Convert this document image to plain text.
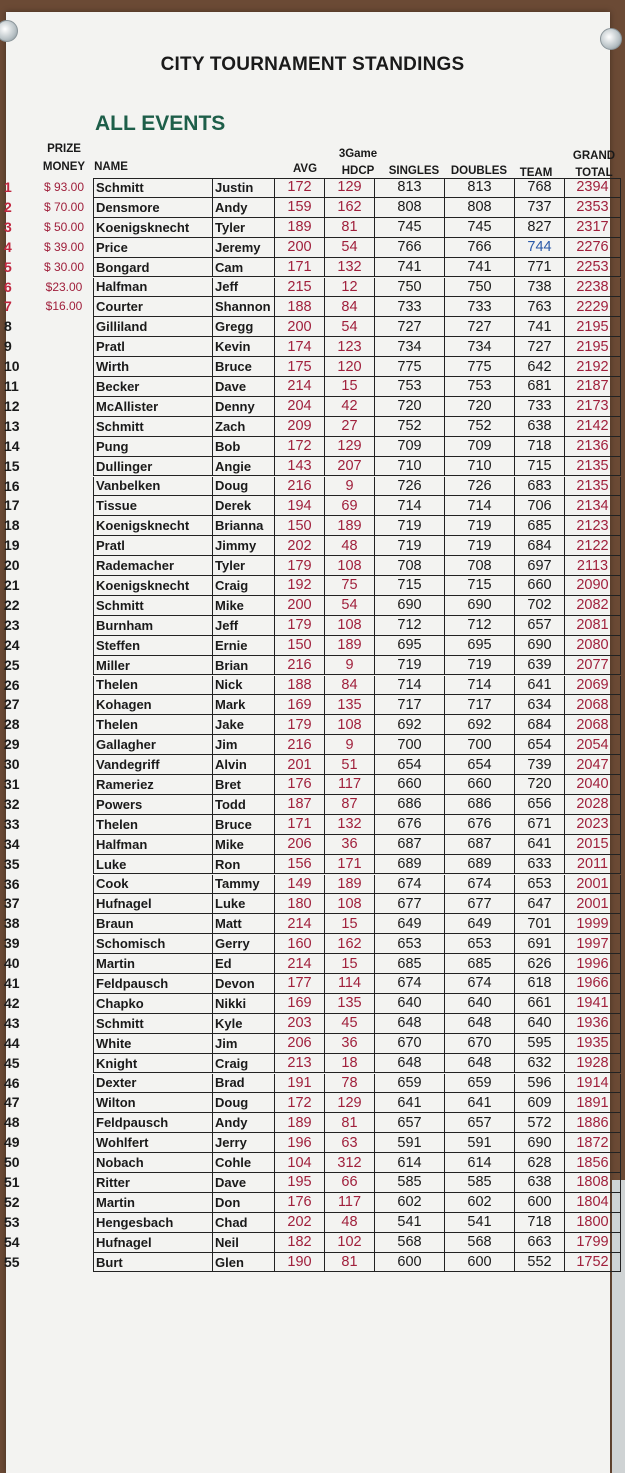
CITY TOURNAMENT STANDINGS
ALL EVENTS
PRIZE
MONEY NAME	AVG
3Game
HDCP	SINGLES	DOUBLES	TEAM
GRAND
TOTAL
1	$ 93.00 Schmitt	Justin	172	129	813	813	768	2394
2	$ 70.00 Densmore	Andy	159	162	808	808	737	2353
3	$ 50.00 Koenigsknecht	Tyler	189	81	745	745	827	2317
4	$ 39.00 Price	Jeremy	200	54	766	766	744	2276
5	$ 30.00 Bongard	Cam	171	132	741	741	771	2253
6	$23.00	Halfman	Jeff	215	12	750	750	738	2238
7	$16.00	Courter	Shannon	188	84	733	733	763	2229
8	Gilliland	Gregg	200	54	727	727	741	2195
9	Pratl	Kevin	174	123	734	734	727	2195
10	Wirth	Bruce	175	120	775	775	642	2192
11	Becker	Dave	214	15	753	753	681	2187
12	McAllister	Denny	204	42	720	720	733	2173
13	Schmitt	Zach	209	27	752	752	638	2142
14	Pung	Bob	172	129	709	709	718	2136
15	Dullinger	Angie	143	207	710	710	715	2135
16	Vanbelken	Doug	216	9	726	726	683	2135
17	Tissue	Derek	194	69	714	714	706	2134
18	Koenigsknecht	Brianna	150	189	719	719	685	2123
19	Pratl	Jimmy	202	48	719	719	684	2122
20	Rademacher	Tyler	179	108	708	708	697	2113
21	Koenigsknecht	Craig	192	75	715	715	660	2090
22	Schmitt	Mike	200	54	690	690	702	2082
23	Burnham	Jeff	179	108	712	712	657	2081
24	Steffen	Ernie	150	189	695	695	690	2080
25	Miller	Brian	216	9	719	719	639	2077
26	Thelen	Nick	188	84	714	714	641	2069
27	Kohagen	Mark	169	135	717	717	634	2068
28	Thelen	Jake	179	108	692	692	684	2068
29	Gallagher	Jim	216	9	700	700	654	2054
30	Vandegriff	Alvin	201	51	654	654	739	2047
31	Rameriez	Bret	176	117	660	660	720	2040
32	Powers	Todd	187	87	686	686	656	2028
33	Thelen	Bruce	171	132	676	676	671	2023
34	Halfman	Mike	206	36	687	687	641	2015
35	Luke	Ron	156	171	689	689	633	2011
36	Cook	Tammy	149	189	674	674	653	2001
37	Hufnagel	Luke	180	108	677	677	647	2001
38	Braun	Matt	214	15	649	649	701	1999
39	Schomisch	Gerry	160	162	653	653	691	1997
40	Martin	Ed	214	15	685	685	626	1996
41	Feldpausch	Devon	177	114	674	674	618	1966
42	Chapko	Nikki	169	135	640	640	661	1941
43	Schmitt	Kyle	203	45	648	648	640	1936
44	White	Jim	206	36	670	670	595	1935
45	Knight	Craig	213	18	648	648	632	1928
46	Dexter	Brad	191	78	659	659	596	1914
47	Wilton	Doug	172	129	641	641	609	1891
48	Feldpausch	Andy	189	81	657	657	572	1886
49	Wohlfert	Jerry	196	63	591	591	690	1872
50	Nobach	Cohle	104	312	614	614	628	1856
51	Ritter	Dave	195	66	585	585	638	1808
52	Martin	Don	176	117	602	602	600	1804
53	Hengesbach	Chad	202	48	541	541	718	1800
54	Hufnagel	Neil	182	102	568	568	663	1799
55	Burt	Glen	190	81	600	600	552	1752
